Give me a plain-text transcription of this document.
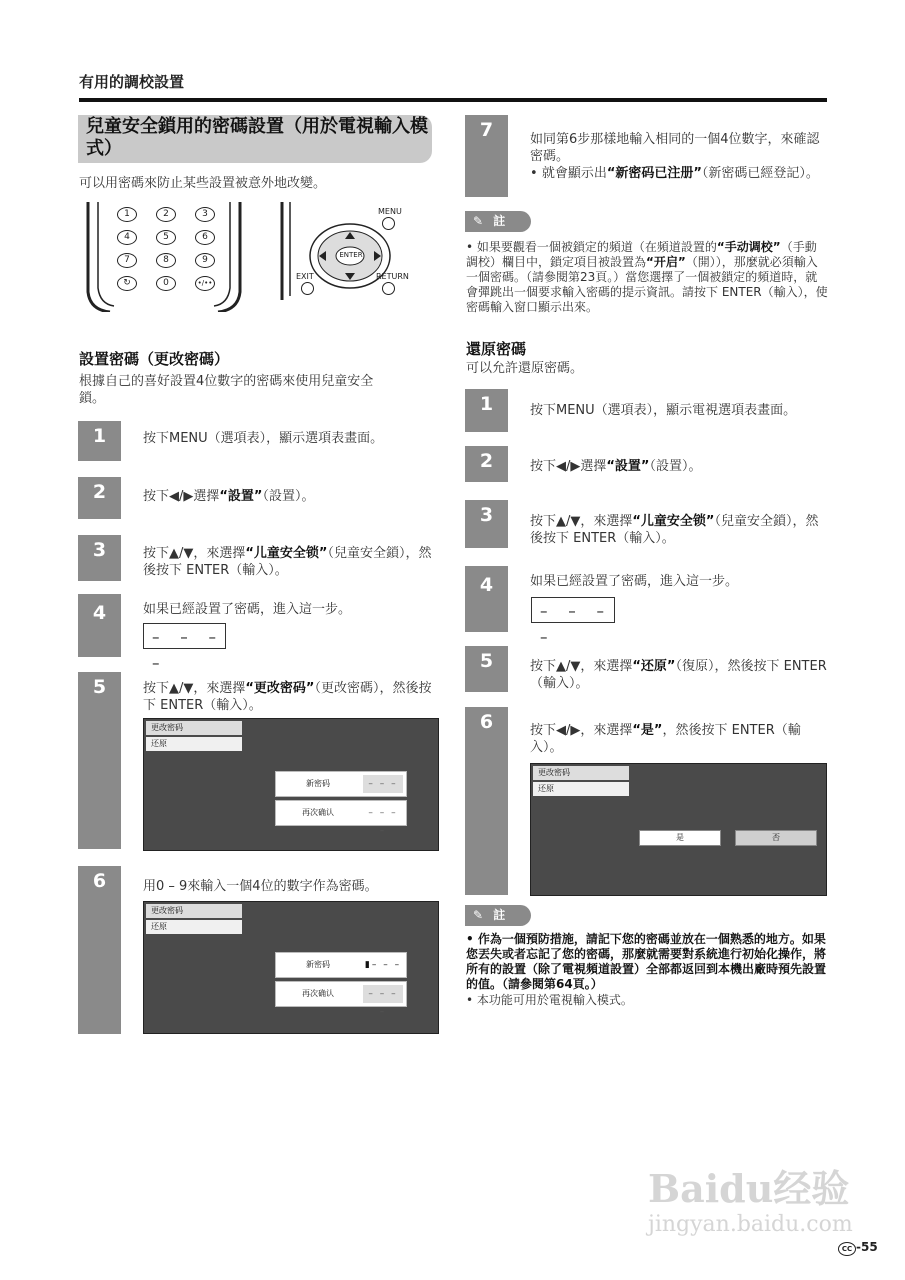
有用的調校設置
兒童安全鎖用的密碼設置（用於電視輸入模式）
可以用密碼來防止某些設置被意外地改變。
1	2	3
4	5	6
7	8	9
↻	0	•/••
MENU
ENTER
EXIT	RETURN
設置密碼（更改密碼）
根據自己的喜好設置4位數字的密碼來使用兒童安全鎖。
1	按下MENU（選項表），顯示選項表畫面。
2	按下◀/▶選擇“設置”（設置）。
3	按下▲/▼，來選擇“儿童安全锁”（兒童安全鎖），然後按下 ENTER（輸入）。
4	如果已經設置了密碼，進入這一步。
– – – –
5	按下▲/▼，來選擇“更改密码”（更改密碼），然後按下 ENTER（輸入）。
更改密码
还原
新密码	– – –
再次确认	– – – –
6	用0 – 9來輸入一個4位的數字作為密碼。
更改密码
还原
新密码	▮– – –
再次确认	– – – –
7	如同第6步那樣地輸入相同的一個4位數字，來確認密碼。
• 就會顯示出“新密码已注册”（新密碼已經登記）。
✎ 註
• 如果要觀看一個被鎖定的頻道（在頻道設置的“手动调校”（手動調校）欄目中，鎖定項目被設置為“开启”（開）），那麼就必須輸入一個密碼。（請參閱第23頁。）當您選擇了一個被鎖定的頻道時，就會彈跳出一個要求輸入密碼的提示資訊。請按下 ENTER（輸入），使密碼輸入窗口顯示出來。
還原密碼
可以允許還原密碼。
1	按下MENU（選項表），顯示電視選項表畫面。
2	按下◀/▶選擇“設置”（設置）。
3	按下▲/▼，來選擇“儿童安全锁”（兒童安全鎖），然後按下 ENTER（輸入）。
4	如果已經設置了密碼，進入這一步。
– – – –
5	按下▲/▼，來選擇“还原”（復原），然後按下 ENTER（輸入）。
6	按下◀/▶，來選擇“是”，然後按下 ENTER（輸入）。
更改密码
还原
是	否
✎ 註
• 作為一個預防措施，請記下您的密碼並放在一個熟悉的地方。如果您丟失或者忘記了您的密碼，那麼就需要對系統進行初始化操作，將所有的設置（除了電視頻道設置）全部都返回到本機出廠時預先設置的值。（請參閱第64頁。）
• 本功能可用於電視輸入模式。
Baidu经验
jingyan.baidu.com
CC -55
